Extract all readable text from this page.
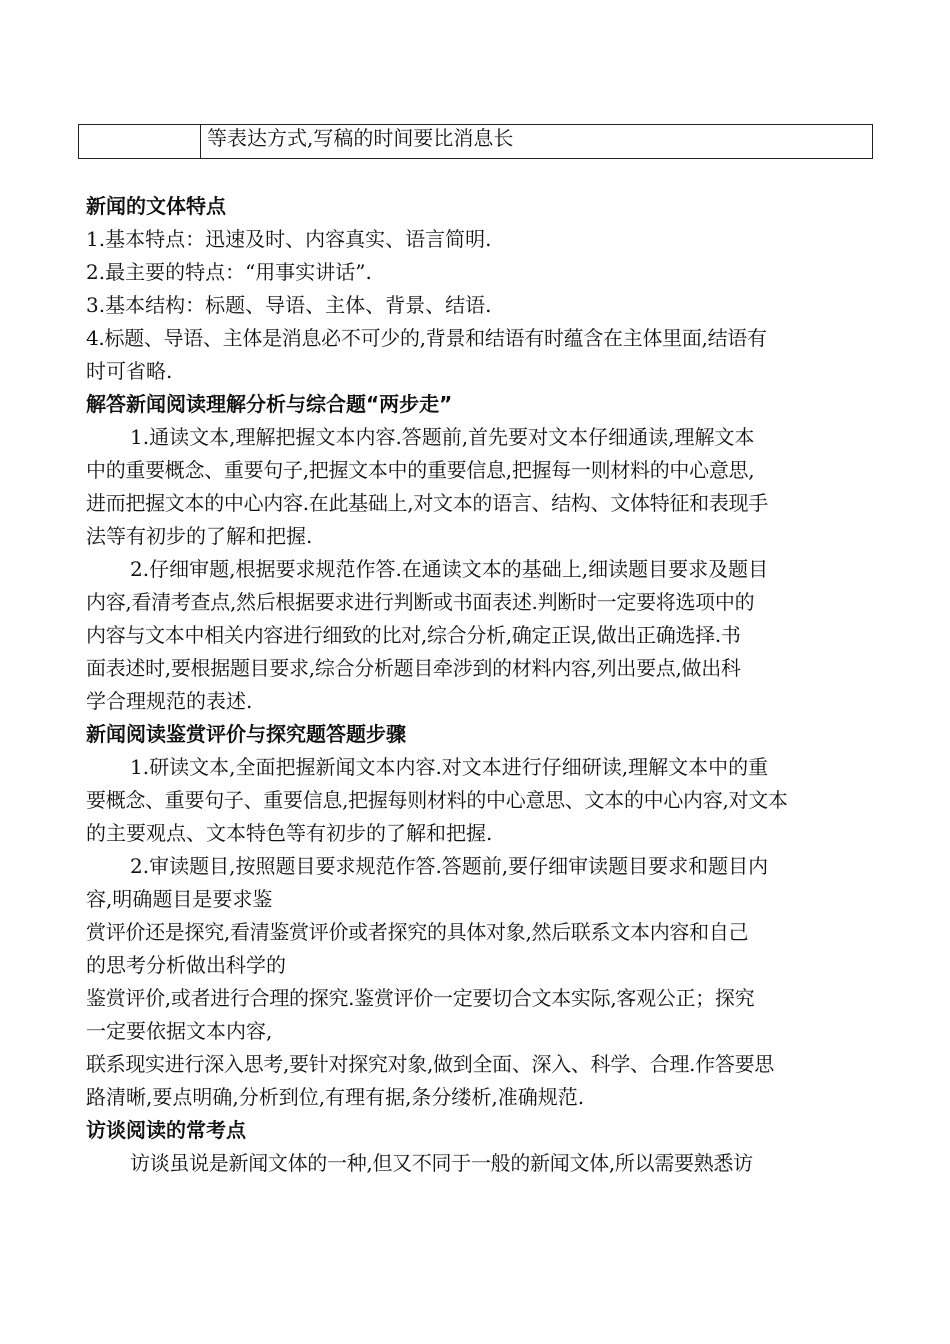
	等表达方式,写稿的时间要比消息长
新闻的文体特点
1.基本特点：迅速及时、内容真实、语言简明.
2.最主要的特点：“用事实讲话”.
3.基本结构：标题、导语、主体、背景、结语.
4.标题、导语、主体是消息必不可少的,背景和结语有时蕴含在主体里面,结语有
时可省略.
解答新闻阅读理解分析与综合题“两步走”
1.通读文本,理解把握文本内容.答题前,首先要对文本仔细通读,理解文本
中的重要概念、重要句子,把握文本中的重要信息,把握每一则材料的中心意思,
进而把握文本的中心内容.在此基础上,对文本的语言、结构、文体特征和表现手
法等有初步的了解和把握.
2.仔细审题,根据要求规范作答.在通读文本的基础上,细读题目要求及题目
内容,看清考查点,然后根据要求进行判断或书面表述.判断时一定要将选项中的
内容与文本中相关内容进行细致的比对,综合分析,确定正误,做出正确选择.书
面表述时,要根据题目要求,综合分析题目牵涉到的材料内容,列出要点,做出科
学合理规范的表述.
新闻阅读鉴赏评价与探究题答题步骤
1.研读文本,全面把握新闻文本内容.对文本进行仔细研读,理解文本中的重
要概念、重要句子、重要信息,把握每则材料的中心意思、文本的中心内容,对文本
的主要观点、文本特色等有初步的了解和把握.
2.审读题目,按照题目要求规范作答.答题前,要仔细审读题目要求和题目内
容,明确题目是要求鉴
赏评价还是探究,看清鉴赏评价或者探究的具体对象,然后联系文本内容和自己
的思考分析做出科学的
鉴赏评价,或者进行合理的探究.鉴赏评价一定要切合文本实际,客观公正；探究
一定要依据文本内容,
联系现实进行深入思考,要针对探究对象,做到全面、深入、科学、合理.作答要思
路清晰,要点明确,分析到位,有理有据,条分缕析,准确规范.
访谈阅读的常考点
访谈虽说是新闻文体的一种,但又不同于一般的新闻文体,所以需要熟悉访
